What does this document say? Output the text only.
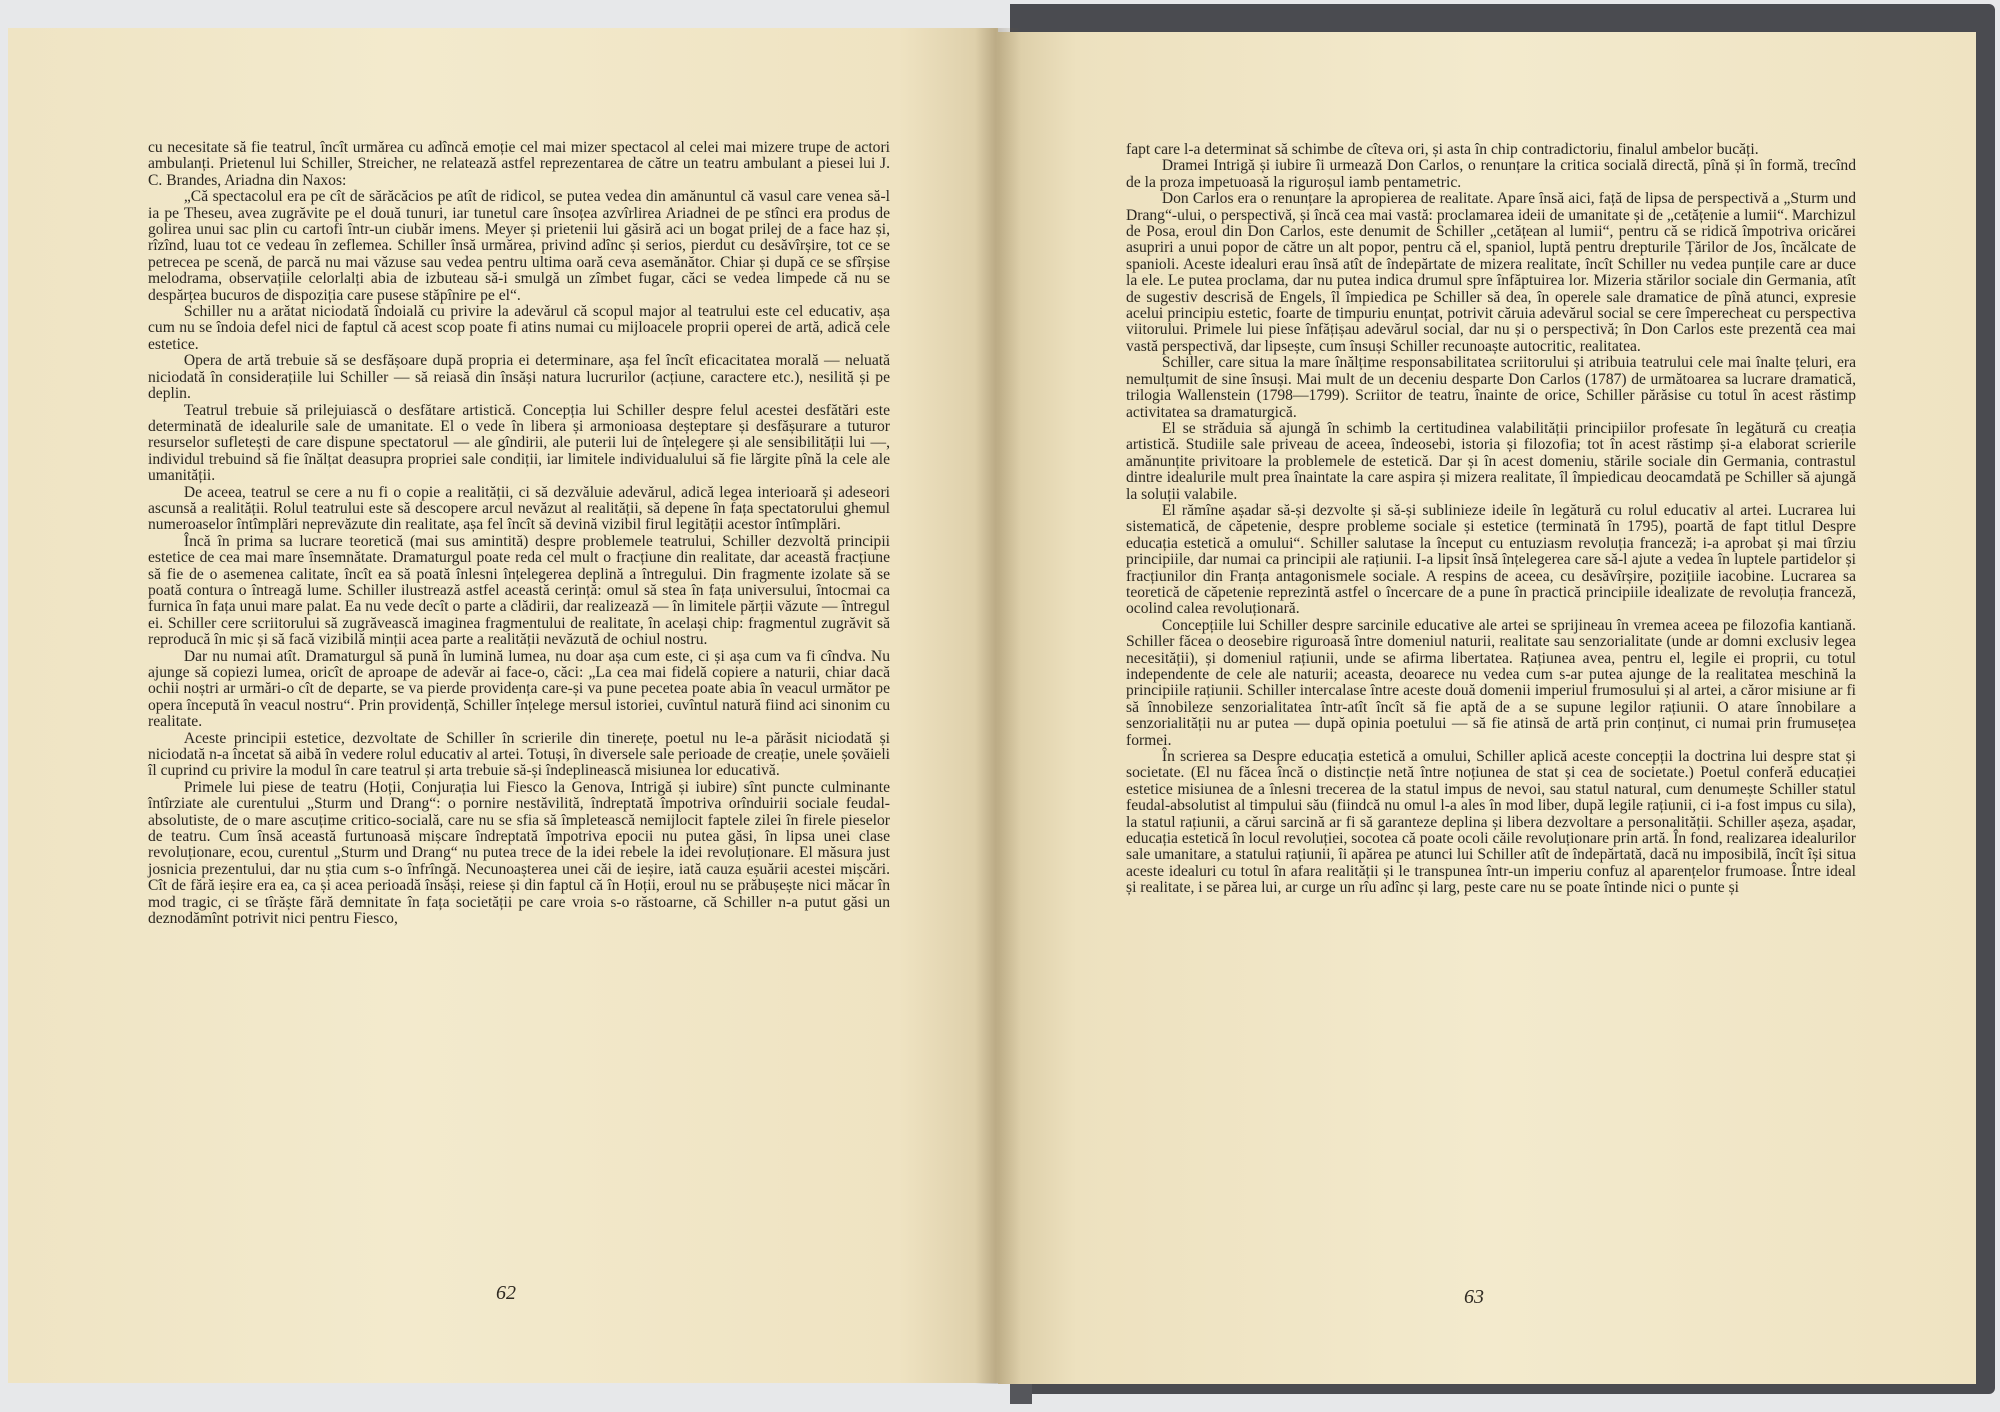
cu necesitate să fie teatrul, încît urmărea cu adîncă emoție cel mai mizer spectacol al celei mai mizere trupe de actori ambulanți. Prietenul lui Schiller, Streicher, ne relatează astfel reprezentarea de către un teatru ambulant a piesei lui J. C. Brandes, Ariadna din Naxos:

„Că spectacolul era pe cît de sărăcăcios pe atît de ridicol, se putea vedea din amănuntul că vasul care venea să-l ia pe Theseu, avea zugrăvite pe el două tunuri, iar tunetul care însoțea azvîrlirea Ariadnei de pe stînci era produs de golirea unui sac plin cu cartofi într-un ciubăr imens. Meyer și prietenii lui găsiră aci un bogat prilej de a face haz și, rîzînd, luau tot ce vedeau în zeflemea. Schiller însă urmărea, privind adînc și serios, pierdut cu desăvîrșire, tot ce se petrecea pe scenă, de parcă nu mai văzuse sau vedea pentru ultima oară ceva asemănător. Chiar și după ce se sfîrșise melodrama, observațiile celorlalți abia de izbuteau să-i smulgă un zîmbet fugar, căci se vedea limpede că nu se despărțea bucuros de dispoziția care pusese stăpînire pe el“.

Schiller nu a arătat niciodată îndoială cu privire la adevărul că scopul major al teatrului este cel educativ, așa cum nu se îndoia defel nici de faptul că acest scop poate fi atins numai cu mijloacele proprii operei de artă, adică cele estetice.

Opera de artă trebuie să se desfășoare după propria ei determinare, așa fel încît eficacitatea morală — neluată niciodată în considerațiile lui Schiller — să reiasă din însăși natura lucrurilor (acțiune, caractere etc.), nesilită și pe deplin.

Teatrul trebuie să prilejuiască o desfătare artistică. Concepția lui Schiller despre felul acestei desfătări este determinată de idealurile sale de umanitate. El o vede în libera și armonioasa deșteptare și desfășurare a tuturor resurselor sufletești de care dispune spectatorul — ale gîndirii, ale puterii lui de înțelegere și ale sensibilității lui —, individul trebuind să fie înălțat deasupra propriei sale condiții, iar limitele individualului să fie lărgite pînă la cele ale umanității.

De aceea, teatrul se cere a nu fi o copie a realității, ci să dezvăluie adevărul, adică legea interioară și adeseori ascunsă a realității. Rolul teatrului este să descopere arcul nevăzut al realității, să depene în fața spectatorului ghemul numeroaselor întîmplări neprevăzute din realitate, așa fel încît să devină vizibil firul legității acestor întîmplări.

Încă în prima sa lucrare teoretică (mai sus amintită) despre problemele teatrului, Schiller dezvoltă principii estetice de cea mai mare însemnătate. Dramaturgul poate reda cel mult o fracțiune din realitate, dar această fracțiune să fie de o asemenea calitate, încît ea să poată înlesni înțelegerea deplină a întregului. Din fragmente izolate să se poată contura o întreagă lume. Schiller ilustrează astfel această cerință: omul să stea în fața universului, întocmai ca furnica în fața unui mare palat. Ea nu vede decît o parte a clădirii, dar realizează — în limitele părții văzute — întregul ei. Schiller cere scriitorului să zugrăvească imaginea fragmentului de realitate, în același chip: fragmentul zugrăvit să reproducă în mic și să facă vizibilă minții acea parte a realității nevăzută de ochiul nostru.

Dar nu numai atît. Dramaturgul să pună în lumină lumea, nu doar așa cum este, ci și așa cum va fi cîndva. Nu ajunge să copiezi lumea, oricît de aproape de adevăr ai face-o, căci: „La cea mai fidelă copiere a naturii, chiar dacă ochii noștri ar urmări-o cît de departe, se va pierde providența care-și va pune pecetea poate abia în veacul următor pe opera începută în veacul nostru“. Prin providență, Schiller înțelege mersul istoriei, cuvîntul natură fiind aci sinonim cu realitate.

Aceste principii estetice, dezvoltate de Schiller în scrierile din tinerețe, poetul nu le-a părăsit niciodată și niciodată n-a încetat să aibă în vedere rolul educativ al artei. Totuși, în diversele sale perioade de creație, unele șovăieli îl cuprind cu privire la modul în care teatrul și arta trebuie să-și îndeplinească misiunea lor educativă.

Primele lui piese de teatru (Hoții, Conjurația lui Fiesco la Genova, Intrigă și iubire) sînt puncte culminante întîrziate ale curentului „Sturm und Drang“: o pornire nestăvilită, îndreptată împotriva orînduirii sociale feudal-absolutiste, de o mare ascuțime critico-socială, care nu se sfia să împletească nemijlocit faptele zilei în firele pieselor de teatru. Cum însă această furtunoasă mișcare îndreptată împotriva epocii nu putea găsi, în lipsa unei clase revoluționare, ecou, curentul „Sturm und Drang“ nu putea trece de la idei rebele la idei revoluționare. El măsura just josnicia prezentului, dar nu știa cum s-o înfrîngă. Necunoașterea unei căi de ieșire, iată cauza eșuării acestei mișcări. Cît de fără ieșire era ea, ca și acea perioadă însăși, reiese și din faptul că în Hoții, eroul nu se prăbușește nici măcar în mod tragic, ci se tîrăște fără demnitate în fața societății pe care vroia s-o răstoarne, că Schiller n-a putut găsi un deznodămînt potrivit nici pentru Fiesco,

62

fapt care l-a determinat să schimbe de cîteva ori, și asta în chip contradictoriu, finalul ambelor bucăți.

Dramei Intrigă și iubire îi urmează Don Carlos, o renunțare la critica socială directă, pînă și în formă, trecînd de la proza impetuoasă la riguroșul iamb pentametric.

Don Carlos era o renunțare la apropierea de realitate. Apare însă aici, față de lipsa de perspectivă a „Sturm und Drang“-ului, o perspectivă, și încă cea mai vastă: proclamarea ideii de umanitate și de „cetățenie a lumii“. Marchizul de Posa, eroul din Don Carlos, este denumit de Schiller „cetățean al lumii“, pentru că se ridică împotriva oricărei asupriri a unui popor de către un alt popor, pentru că el, spaniol, luptă pentru drepturile Țărilor de Jos, încălcate de spanioli. Aceste idealuri erau însă atît de îndepărtate de mizera realitate, încît Schiller nu vedea punțile care ar duce la ele. Le putea proclama, dar nu putea indica drumul spre înfăptuirea lor. Mizeria stărilor sociale din Germania, atît de sugestiv descrisă de Engels, îl împiedica pe Schiller să dea, în operele sale dramatice de pînă atunci, expresie acelui principiu estetic, foarte de timpuriu enunțat, potrivit căruia adevărul social se cere împerecheat cu perspectiva viitorului. Primele lui piese înfățișau adevărul social, dar nu și o perspectivă; în Don Carlos este prezentă cea mai vastă perspectivă, dar lipsește, cum însuși Schiller recunoaște autocritic, realitatea.

Schiller, care situa la mare înălțime responsabilitatea scriitorului și atribuia teatrului cele mai înalte țeluri, era nemulțumit de sine însuși. Mai mult de un deceniu desparte Don Carlos (1787) de următoarea sa lucrare dramatică, trilogia Wallenstein (1798—1799). Scriitor de teatru, înainte de orice, Schiller părăsise cu totul în acest răstimp activitatea sa dramaturgică.

El se străduia să ajungă în schimb la certitudinea valabilității principiilor profesate în legătură cu creația artistică. Studiile sale priveau de aceea, îndeosebi, istoria și filozofia; tot în acest răstimp și-a elaborat scrierile amănunțite privitoare la problemele de estetică. Dar și în acest domeniu, stările sociale din Germania, contrastul dintre idealurile mult prea înaintate la care aspira și mizera realitate, îl împiedicau deocamdată pe Schiller să ajungă la soluții valabile.

El rămîne așadar să-și dezvolte și să-și sublinieze ideile în legătură cu rolul educativ al artei. Lucrarea lui sistematică, de căpetenie, despre probleme sociale și estetice (terminată în 1795), poartă de fapt titlul Despre educația estetică a omului“. Schiller salutase la început cu entuziasm revoluția franceză; i-a aprobat și mai tîrziu principiile, dar numai ca principii ale rațiunii. I-a lipsit însă înțelegerea care să-l ajute a vedea în luptele partidelor și fracțiunilor din Franța antagonismele sociale. A respins de aceea, cu desăvîrșire, pozițiile iacobine. Lucrarea sa teoretică de căpetenie reprezintă astfel o încercare de a pune în practică principiile idealizate de revoluția franceză, ocolind calea revoluționară.

Concepțiile lui Schiller despre sarcinile educative ale artei se sprijineau în vremea aceea pe filozofia kantiană. Schiller făcea o deosebire riguroasă între domeniul naturii, realitate sau senzorialitate (unde ar domni exclusiv legea necesității), și domeniul rațiunii, unde se afirma libertatea. Rațiunea avea, pentru el, legile ei proprii, cu totul independente de cele ale naturii; aceasta, deoarece nu vedea cum s-ar putea ajunge de la realitatea meschină la principiile rațiunii. Schiller intercalase între aceste două domenii imperiul frumosului și al artei, a căror misiune ar fi să înnobileze senzorialitatea într-atît încît să fie aptă de a se supune legilor rațiunii. O atare înnobilare a senzorialității nu ar putea — după opinia poetului — să fie atinsă de artă prin conținut, ci numai prin frumusețea formei.

În scrierea sa Despre educația estetică a omului, Schiller aplică aceste concepții la doctrina lui despre stat și societate. (El nu făcea încă o distincție netă între noțiunea de stat și cea de societate.) Poetul conferă educației estetice misiunea de a înlesni trecerea de la statul impus de nevoi, sau statul natural, cum denumește Schiller statul feudal-absolutist al timpului său (fiindcă nu omul l-a ales în mod liber, după legile rațiunii, ci i-a fost impus cu sila), la statul rațiunii, a cărui sarcină ar fi să garanteze deplina și libera dezvoltare a personalității. Schiller așeza, așadar, educația estetică în locul revoluției, socotea că poate ocoli căile revoluționare prin artă. În fond, realizarea idealurilor sale umanitare, a statului rațiunii, îi apărea pe atunci lui Schiller atît de îndepărtată, dacă nu imposibilă, încît își situa aceste idealuri cu totul în afara realității și le transpunea într-un imperiu confuz al aparențelor frumoase. Între ideal și realitate, i se părea lui, ar curge un rîu adînc și larg, peste care nu se poate întinde nici o punte și

63
